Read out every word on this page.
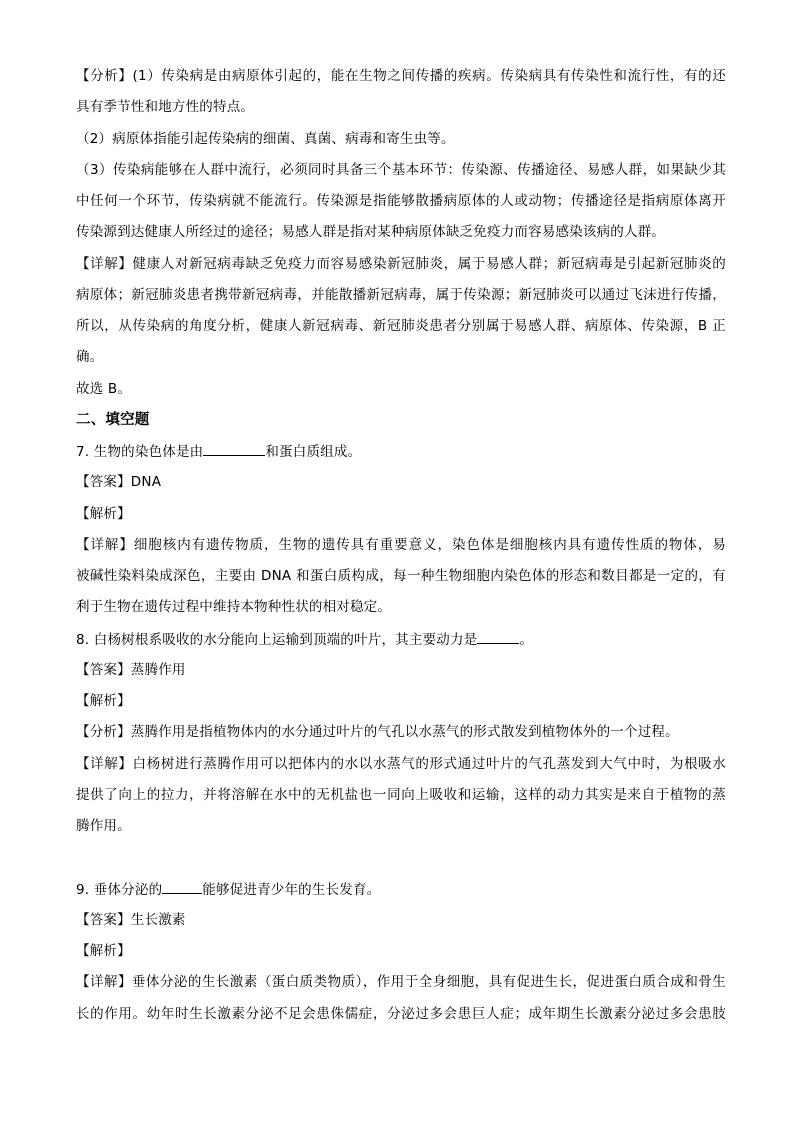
【分析】(1）传染病是由病原体引起的，能在生物之间传播的疾病。传染病具有传染性和流行性，有的还
具有季节性和地方性的特点。
（2）病原体指能引起传染病的细菌、真菌、病毒和寄生虫等。
（3）传染病能够在人群中流行，必须同时具备三个基本环节：传染源、传播途径、易感人群，如果缺少其
中任何一个环节，传染病就不能流行。传染源是指能够散播病原体的人或动物；传播途径是指病原体离开
传染源到达健康人所经过的途径；易感人群是指对某种病原体缺乏免疫力而容易感染该病的人群。
【详解】健康人对新冠病毒缺乏免疫力而容易感染新冠肺炎，属于易感人群；新冠病毒是引起新冠肺炎的
病原体；新冠肺炎患者携带新冠病毒，并能散播新冠病毒，属于传染源；新冠肺炎可以通过飞沫进行传播，
所以，从传染病的角度分析，健康人新冠病毒、新冠肺炎患者分别属于易感人群、病原体、传染源，B 正
确。
故选 B。
二、填空题
7. 生物的染色体是由	和蛋白质组成。
【答案】DNA
【解析】
【详解】细胞核内有遗传物质，生物的遗传具有重要意义，染色体是细胞核内具有遗传性质的物体，易
被碱性染料染成深色，主要由 DNA 和蛋白质构成，每一种生物细胞内染色体的形态和数目都是一定的，有
利于生物在遗传过程中维持本物种性状的相对稳定。
8. 白杨树根系吸收的水分能向上运输到顶端的叶片，其主要动力是	。
【答案】蒸腾作用
【解析】
【分析】蒸腾作用是指植物体内的水分通过叶片的气孔以水蒸气的形式散发到植物体外的一个过程。
【详解】白杨树进行蒸腾作用可以把体内的水以水蒸气的形式通过叶片的气孔蒸发到大气中时，为根吸水
提供了向上的拉力，并将溶解在水中的无机盐也一同向上吸收和运输，这样的动力其实是来自于植物的蒸
腾作用。
9. 垂体分泌的	能够促进青少年的生长发育。
【答案】生长激素
【解析】
【详解】垂体分泌的生长激素（蛋白质类物质），作用于全身细胞，具有促进生长，促进蛋白质合成和骨生
长的作用。幼年时生长激素分泌不足会患侏儒症，分泌过多会患巨人症；成年期生长激素分泌过多会患肢
